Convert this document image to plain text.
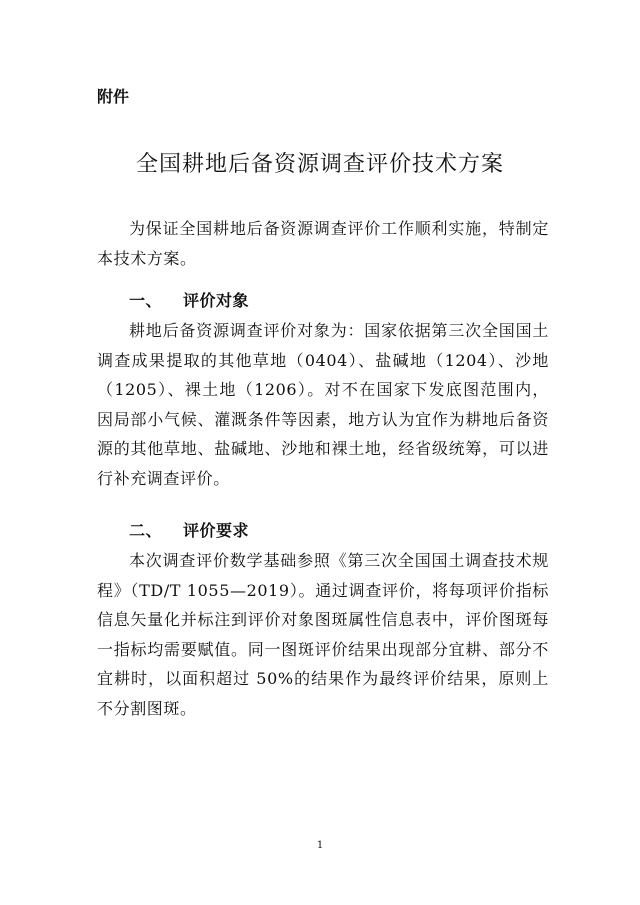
附件
全国耕地后备资源调查评价技术方案

为保证全国耕地后备资源调查评价工作顺利实施，特制定本技术方案。

一、 评价对象

耕地后备资源调查评价对象为：国家依据第三次全国国土调查成果提取的其他草地（0404）、盐碱地（1204）、沙地（1205）、裸土地（1206）。对不在国家下发底图范围内，因局部小气候、灌溉条件等因素，地方认为宜作为耕地后备资源的其他草地、盐碱地、沙地和裸土地，经省级统筹，可以进行补充调查评价。

二、 评价要求

本次调查评价数学基础参照《第三次全国国土调查技术规程》（TD/T 1055—2019）。通过调查评价，将每项评价指标信息矢量化并标注到评价对象图斑属性信息表中，评价图斑每一指标均需要赋值。同一图斑评价结果出现部分宜耕、部分不宜耕时，以面积超过 50%的结果作为最终评价结果，原则上不分割图斑。

1
